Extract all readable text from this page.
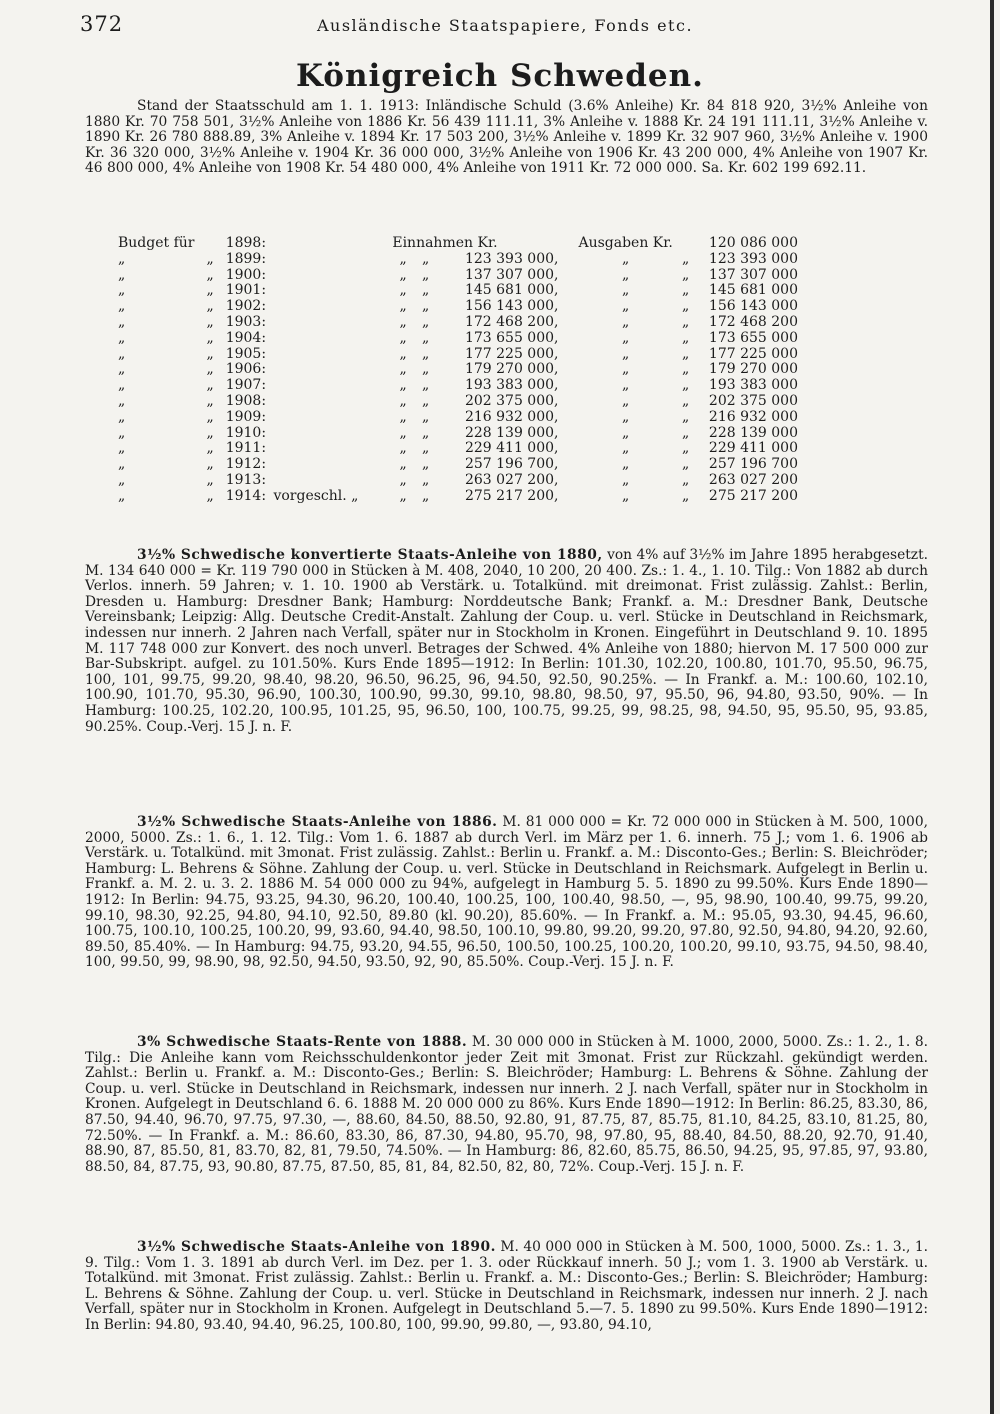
372	Ausländische Staatspapiere, Fonds etc.
Königreich Schweden.

Stand der Staatsschuld am 1. 1. 1913: Inländische Schuld (3.6% Anleihe) Kr. 84 818 920, 3½% Anleihe von 1880 Kr. 70 758 501, 3½% Anleihe von 1886 Kr. 56 439 111.11, 3% Anleihe v. 1888 Kr. 24 191 111.11, 3½% Anleihe v. 1890 Kr. 26 780 888.89, 3% Anleihe v. 1894 Kr. 17 503 200, 3½% Anleihe v. 1899 Kr. 32 907 960, 3½% Anleihe v. 1900 Kr. 36 320 000, 3½% Anleihe v. 1904 Kr. 36 000 000, 3½% Anleihe von 1906 Kr. 43 200 000, 4% Anleihe von 1907 Kr. 46 800 000, 4% Anleihe von 1908 Kr. 54 480 000, 4% Anleihe von 1911 Kr. 72 000 000. Sa. Kr. 602 199 692.11.

Budget für		1898:		Einnahmen Kr.			Ausgaben Kr.		120 086 000
„	„	1899:		„	„	123 393 000,	„	„	123 393 000
„	„	1900:		„	„	137 307 000,	„	„	137 307 000
„	„	1901:		„	„	145 681 000,	„	„	145 681 000
„	„	1902:		„	„	156 143 000,	„	„	156 143 000
„	„	1903:		„	„	172 468 200,	„	„	172 468 200
„	„	1904:		„	„	173 655 000,	„	„	173 655 000
„	„	1905:		„	„	177 225 000,	„	„	177 225 000
„	„	1906:		„	„	179 270 000,	„	„	179 270 000
„	„	1907:		„	„	193 383 000,	„	„	193 383 000
„	„	1908:		„	„	202 375 000,	„	„	202 375 000
„	„	1909:		„	„	216 932 000,	„	„	216 932 000
„	„	1910:		„	„	228 139 000,	„	„	228 139 000
„	„	1911:		„	„	229 411 000,	„	„	229 411 000
„	„	1912:		„	„	257 196 700,	„	„	257 196 700
„	„	1913:		„	„	263 027 200,	„	„	263 027 200
„	„	1914:	vorgeschl. „	„	„	275 217 200,	„	„	275 217 200

3½% Schwedische konvertierte Staats-Anleihe von 1880, von 4% auf 3½% im Jahre 1895 herabgesetzt. M. 134 640 000 = Kr. 119 790 000 in Stücken à M. 408, 2040, 10 200, 20 400. Zs.: 1. 4., 1. 10. Tilg.: Von 1882 ab durch Verlos. innerh. 59 Jahren; v. 1. 10. 1900 ab Verstärk. u. Totalkünd. mit dreimonat. Frist zulässig. Zahlst.: Berlin, Dresden u. Hamburg: Dresdner Bank; Hamburg: Norddeutsche Bank; Frankf. a. M.: Dresdner Bank, Deutsche Vereinsbank; Leipzig: Allg. Deutsche Credit-Anstalt. Zahlung der Coup. u. verl. Stücke in Deutschland in Reichsmark, indessen nur innerh. 2 Jahren nach Verfall, später nur in Stockholm in Kronen. Eingeführt in Deutschland 9. 10. 1895 M. 117 748 000 zur Konvert. des noch unverl. Betrages der Schwed. 4% Anleihe von 1880; hiervon M. 17 500 000 zur Bar-Subskript. aufgel. zu 101.50%. Kurs Ende 1895—1912: In Berlin: 101.30, 102.20, 100.80, 101.70, 95.50, 96.75, 100, 101, 99.75, 99.20, 98.40, 98.20, 96.50, 96.25, 96, 94.50, 92.50, 90.25%. — In Frankf. a. M.: 100.60, 102.10, 100.90, 101.70, 95.30, 96.90, 100.30, 100.90, 99.30, 99.10, 98.80, 98.50, 97, 95.50, 96, 94.80, 93.50, 90%. — In Hamburg: 100.25, 102.20, 100.95, 101.25, 95, 96.50, 100, 100.75, 99.25, 99, 98.25, 98, 94.50, 95, 95.50, 95, 93.85, 90.25%. Coup.-Verj. 15 J. n. F.

3½% Schwedische Staats-Anleihe von 1886. M. 81 000 000 = Kr. 72 000 000 in Stücken à M. 500, 1000, 2000, 5000. Zs.: 1. 6., 1. 12. Tilg.: Vom 1. 6. 1887 ab durch Verl. im März per 1. 6. innerh. 75 J.; vom 1. 6. 1906 ab Verstärk. u. Totalkünd. mit 3monat. Frist zulässig. Zahlst.: Berlin u. Frankf. a. M.: Disconto-Ges.; Berlin: S. Bleichröder; Hamburg: L. Behrens & Söhne. Zahlung der Coup. u. verl. Stücke in Deutschland in Reichsmark. Aufgelegt in Berlin u. Frankf. a. M. 2. u. 3. 2. 1886 M. 54 000 000 zu 94%, aufgelegt in Hamburg 5. 5. 1890 zu 99.50%. Kurs Ende 1890—1912: In Berlin: 94.75, 93.25, 94.30, 96.20, 100.40, 100.25, 100, 100.40, 98.50, —, 95, 98.90, 100.40, 99.75, 99.20, 99.10, 98.30, 92.25, 94.80, 94.10, 92.50, 89.80 (kl. 90.20), 85.60%. — In Frankf. a. M.: 95.05, 93.30, 94.45, 96.60, 100.75, 100.10, 100.25, 100.20, 99, 93.60, 94.40, 98.50, 100.10, 99.80, 99.20, 99.20, 97.80, 92.50, 94.80, 94.20, 92.60, 89.50, 85.40%. — In Hamburg: 94.75, 93.20, 94.55, 96.50, 100.50, 100.25, 100.20, 100.20, 99.10, 93.75, 94.50, 98.40, 100, 99.50, 99, 98.90, 98, 92.50, 94.50, 93.50, 92, 90, 85.50%. Coup.-Verj. 15 J. n. F.

3% Schwedische Staats-Rente von 1888. M. 30 000 000 in Stücken à M. 1000, 2000, 5000. Zs.: 1. 2., 1. 8. Tilg.: Die Anleihe kann vom Reichsschuldenkontor jeder Zeit mit 3monat. Frist zur Rückzahl. gekündigt werden. Zahlst.: Berlin u. Frankf. a. M.: Disconto-Ges.; Berlin: S. Bleichröder; Hamburg: L. Behrens & Söhne. Zahlung der Coup. u. verl. Stücke in Deutschland in Reichsmark, indessen nur innerh. 2 J. nach Verfall, später nur in Stockholm in Kronen. Aufgelegt in Deutschland 6. 6. 1888 M. 20 000 000 zu 86%. Kurs Ende 1890—1912: In Berlin: 86.25, 83.30, 86, 87.50, 94.40, 96.70, 97.75, 97.30, —, 88.60, 84.50, 88.50, 92.80, 91, 87.75, 87, 85.75, 81.10, 84.25, 83.10, 81.25, 80, 72.50%. — In Frankf. a. M.: 86.60, 83.30, 86, 87.30, 94.80, 95.70, 98, 97.80, 95, 88.40, 84.50, 88.20, 92.70, 91.40, 88.90, 87, 85.50, 81, 83.70, 82, 81, 79.50, 74.50%. — In Hamburg: 86, 82.60, 85.75, 86.50, 94.25, 95, 97.85, 97, 93.80, 88.50, 84, 87.75, 93, 90.80, 87.75, 87.50, 85, 81, 84, 82.50, 82, 80, 72%. Coup.-Verj. 15 J. n. F.

3½% Schwedische Staats-Anleihe von 1890. M. 40 000 000 in Stücken à M. 500, 1000, 5000. Zs.: 1. 3., 1. 9. Tilg.: Vom 1. 3. 1891 ab durch Verl. im Dez. per 1. 3. oder Rückkauf innerh. 50 J.; vom 1. 3. 1900 ab Verstärk. u. Totalkünd. mit 3monat. Frist zulässig. Zahlst.: Berlin u. Frankf. a. M.: Disconto-Ges.; Berlin: S. Bleichröder; Hamburg: L. Behrens & Söhne. Zahlung der Coup. u. verl. Stücke in Deutschland in Reichsmark, indessen nur innerh. 2 J. nach Verfall, später nur in Stockholm in Kronen. Aufgelegt in Deutschland 5.—7. 5. 1890 zu 99.50%. Kurs Ende 1890—1912: In Berlin: 94.80, 93.40, 94.40, 96.25, 100.80, 100, 99.90, 99.80, —, 93.80, 94.10,
